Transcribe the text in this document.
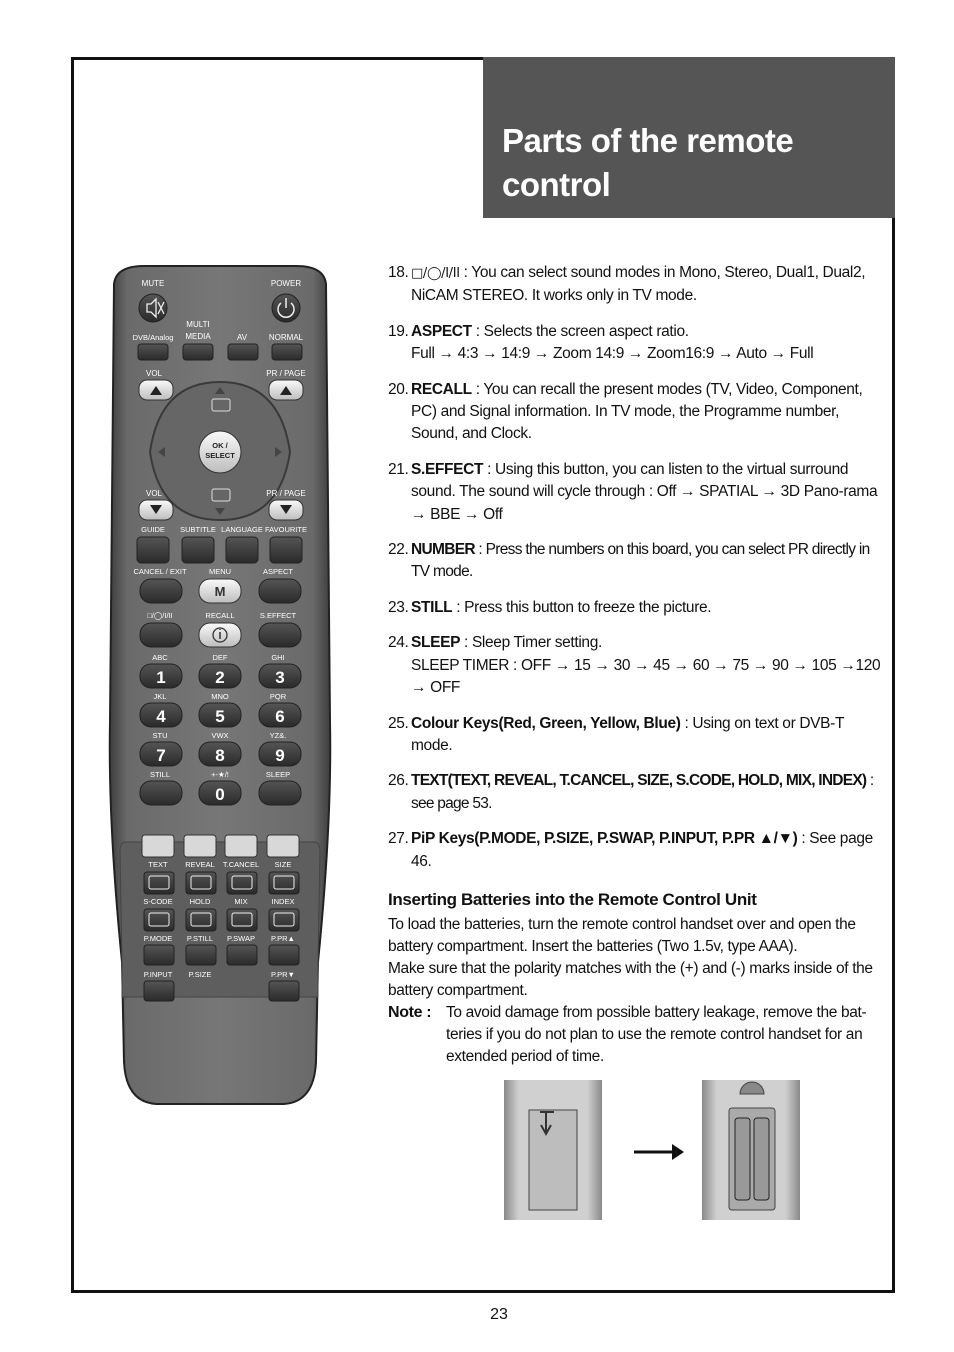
Parts of the remote control
MUTE	POWER
MULTI
MEDIA
DVB/Analog	AV	NORMAL
VOL	PR / PAGE
OK /
SELECT
VOL	PR / PAGE
GUIDE SUBTITLE LANGUAGE FAVOURITE
CANCEL / EXIT	MENU	ASPECT
M
□/◯/I/II	RECALL	S.EFFECT
ABC	DEF	GHI
1	2	3
JKL	MNO	PQR
4	5	6
STU	VWX	YZ&.
7	8	9
STILL	+-★/!	SLEEP
0
TEXT REVEAL T.CANCEL SIZE
S-CODE HOLD	MIX	INDEX
P.MODE P.STILL P.SWAP P.PR▲
P.INPUT P.SIZE	P.PR▼
18. □/◯/I/II : You can select sound modes in Mono, Stereo, Dual1, Dual2, NiCAM STEREO. It works only in TV mode.
19. ASPECT : Selects the screen aspect ratio.
Full → 4:3 → 14:9 → Zoom 14:9 → Zoom16:9 → Auto → Full
20. RECALL : You can recall the present modes (TV, Video, Component, PC) and Signal information. In TV mode, the Programme number, Sound, and Clock.
21. S.EFFECT : Using this button, you can listen to the virtual surround sound. The sound will cycle through : Off → SPATIAL → 3D Pano-rama → BBE → Off
22. NUMBER : Press the numbers on this board, you can select PR directly in TV mode.
23. STILL : Press this button to freeze the picture.
24. SLEEP : Sleep Timer setting.
SLEEP TIMER : OFF → 15 → 30 → 45 → 60 → 75 → 90 → 105 →120 → OFF
25. Colour Keys(Red, Green, Yellow, Blue) : Using on text or DVB-T mode.
26. TEXT(TEXT, REVEAL, T.CANCEL, SIZE, S.CODE, HOLD, MIX, INDEX) : see page 53.
27. PiP Keys(P.MODE, P.SIZE, P.SWAP, P.INPUT, P.PR ▲/▼) : See page 46.
Inserting Batteries into the Remote Control Unit
To load the batteries, turn the remote control handset over and open the battery compartment. Insert the batteries (Two 1.5v, type AAA).
Make sure that the polarity matches with the (+) and (-) marks inside of the battery compartment.
Note : To avoid damage from possible battery leakage, remove the bat-teries if you do not plan to use the remote control handset for an extended period of time.
23
